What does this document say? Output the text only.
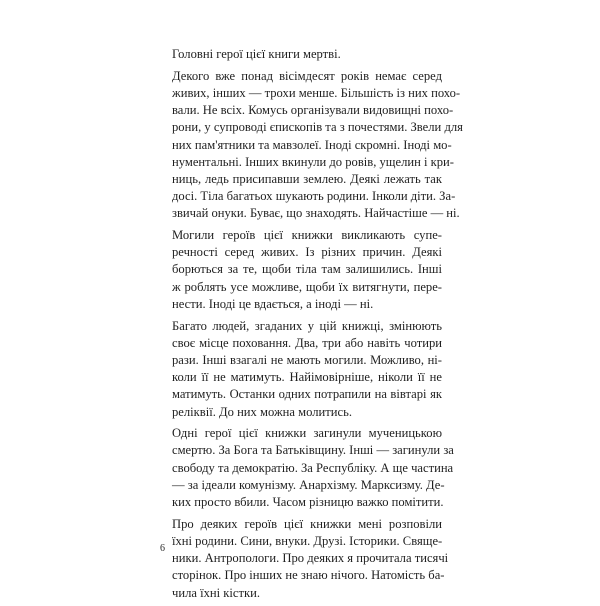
Головні герої цієї книги мертві.

Декого вже понад вісімдесят років немає серед
живих, інших — трохи менше. Більшість із них похо-
вали. Не всіх. Комусь організували видовищні похо-
рони, у супроводі єпископів та з почестями. Звели для
них пам'ятники та мавзолеї. Іноді скромні. Іноді мо-
нументальні. Інших вкинули до ровів, ущелин і кри-
ниць, ледь присипавши землею. Деякі лежать так
досі. Тіла багатьох шукають родини. Інколи діти. За-
звичай онуки. Буває, що знаходять. Найчастіше — ні.

Могили героїв цієї книжки викликають супе-
речності серед живих. Із різних причин. Деякі
борються за те, щоби тіла там залишились. Інші
ж роблять усе можливе, щоби їх витягнути, пере-
нести. Іноді це вдається, а іноді — ні.

Багато людей, згаданих у цій книжці, змінюють
своє місце поховання. Два, три або навіть чотири
рази. Інші взагалі не мають могили. Можливо, ні-
коли її не матимуть. Найімовірніше, ніколи її не
матимуть. Останки одних потрапили на вівтарі як
реліквії. До них можна молитись.

Одні герої цієї книжки загинули мученицькою
смертю. За Бога та Батьківщину. Інші — загинули за
свободу та демократію. За Республіку. А ще частина
— за ідеали комунізму. Анархізму. Марксизму. Де-
ких просто вбили. Часом різницю важко помітити.

Про деяких героїв цієї книжки мені розповіли
їхні родини. Сини, внуки. Друзі. Історики. Свяще-
ники. Антропологи. Про деяких я прочитала тисячі
сторінок. Про інших не знаю нічого. Натомість ба-
чила їхні кістки.

6
